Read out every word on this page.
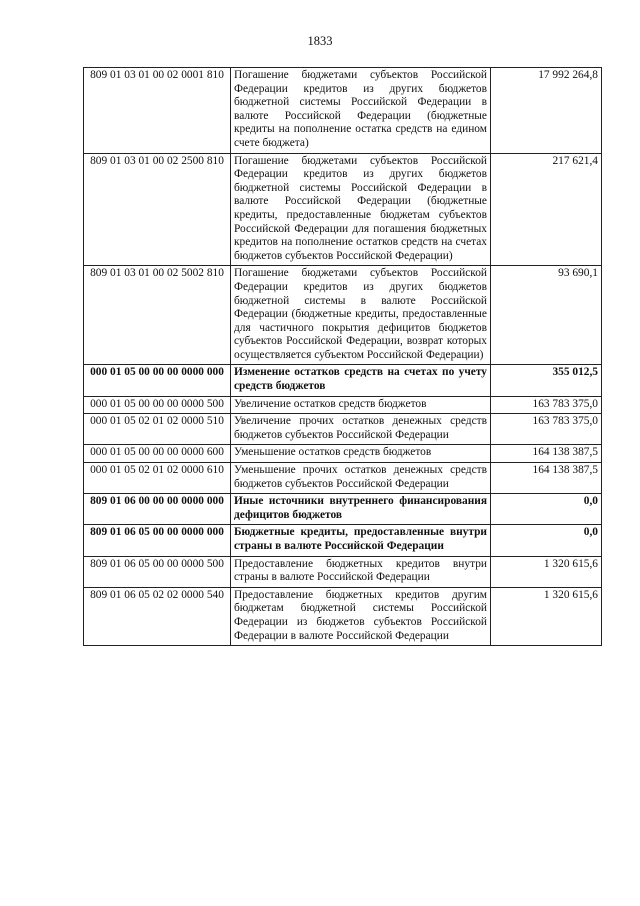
1833
809 01 03 01 00 02 0001 810	Погашение бюджетами субъектов Российской Федерации кредитов из других бюджетов бюджетной системы Российской Федерации в валюте Российской Федерации (бюджетные кредиты на пополнение остатка средств на едином счете бюджета)	17 992 264,8
809 01 03 01 00 02 2500 810	Погашение бюджетами субъектов Российской Федерации кредитов из других бюджетов бюджетной системы Российской Федерации в валюте Российской Федерации (бюджетные кредиты, предоставленные бюджетам субъектов Российской Федерации для погашения бюджетных кредитов на пополнение остатков средств на счетах бюджетов субъектов Российской Федерации)	217 621,4
809 01 03 01 00 02 5002 810	Погашение бюджетами субъектов Российской Федерации кредитов из других бюджетов бюджетной системы в валюте Российской Федерации (бюджетные кредиты, предоставленные для частичного покрытия дефицитов бюджетов субъектов Российской Федерации, возврат которых осуществляется субъектом Российской Федерации)	93 690,1
000 01 05 00 00 00 0000 000	Изменение остатков средств на счетах по учету средств бюджетов	355 012,5
000 01 05 00 00 00 0000 500	Увеличение остатков средств бюджетов	163 783 375,0
000 01 05 02 01 02 0000 510	Увеличение прочих остатков денежных средств бюджетов субъектов Российской Федерации	163 783 375,0
000 01 05 00 00 00 0000 600	Уменьшение остатков средств бюджетов	164 138 387,5
000 01 05 02 01 02 0000 610	Уменьшение прочих остатков денежных средств бюджетов субъектов Российской Федерации	164 138 387,5
809 01 06 00 00 00 0000 000	Иные источники внутреннего финансирования дефицитов бюджетов	0,0
809 01 06 05 00 00 0000 000	Бюджетные кредиты, предоставленные внутри страны в валюте Российской Федерации	0,0
809 01 06 05 00 00 0000 500	Предоставление бюджетных кредитов внутри страны в валюте Российской Федерации	1 320 615,6
809 01 06 05 02 02 0000 540	Предоставление бюджетных кредитов другим бюджетам бюджетной системы Российской Федерации из бюджетов субъектов Российской Федерации в валюте Российской Федерации	1 320 615,6
